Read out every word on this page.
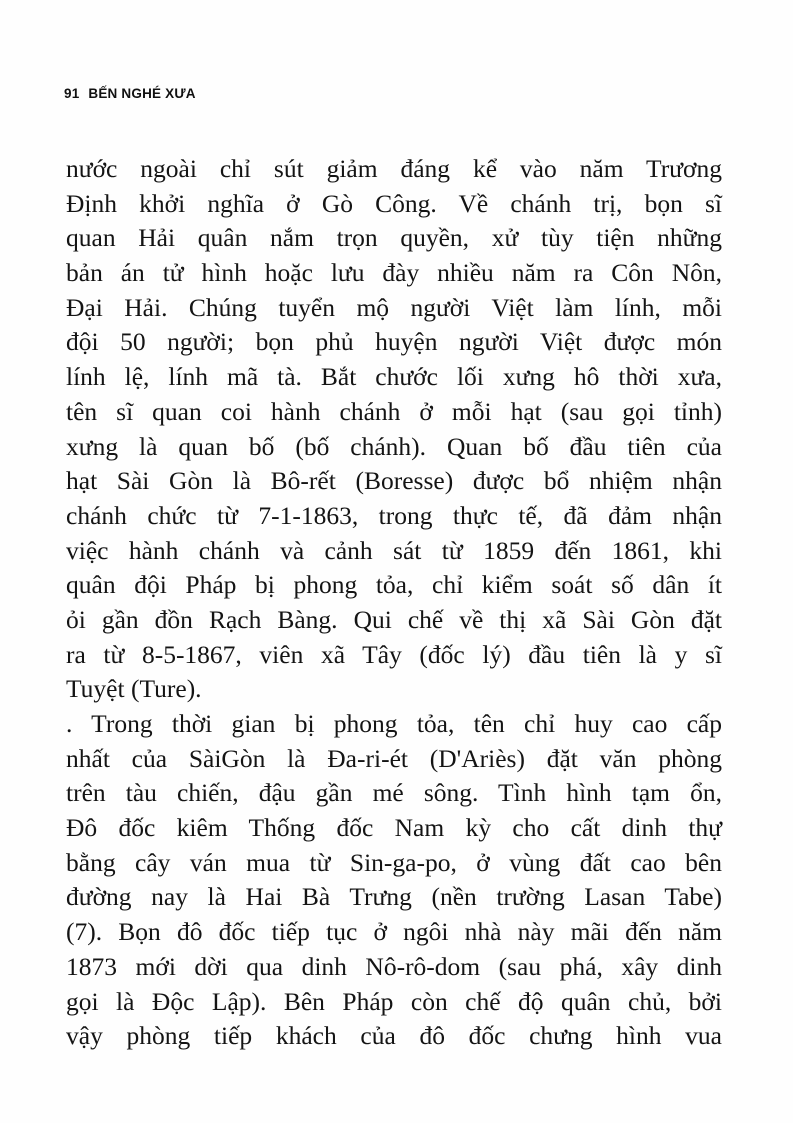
91 BẾN NGHÉ XƯA
nước ngoài chỉ sút giảm đáng kể vào năm Trương
Định khởi nghĩa ở Gò Công. Về chánh trị, bọn sĩ
quan Hải quân nắm trọn quyền, xử tùy tiện những
bản án tử hình hoặc lưu đày nhiều năm ra Côn Nôn,
Đại Hải. Chúng tuyển mộ người Việt làm lính, mỗi
đội 50 người; bọn phủ huyện người Việt được món
lính lệ, lính mã tà. Bắt chước lối xưng hô thời xưa,
tên sĩ quan coi hành chánh ở mỗi hạt (sau gọi tỉnh)
xưng là quan bố (bố chánh). Quan bố đầu tiên của
hạt Sài Gòn là Bô-rết (Boresse) được bổ nhiệm nhận
chánh chức từ 7-1-1863, trong thực tế, đã đảm nhận
việc hành chánh và cảnh sát từ 1859 đến 1861, khi
quân đội Pháp bị phong tỏa, chỉ kiểm soát số dân ít
ỏi gần đồn Rạch Bàng. Qui chế về thị xã Sài Gòn đặt
ra từ 8-5-1867, viên xã Tây (đốc lý) đầu tiên là y sĩ
Tuyệt (Ture).
. Trong thời gian bị phong tỏa, tên chỉ huy cao cấp
nhất của SàiGòn là Đa-ri-ét (D'Ariès) đặt văn phòng
trên tàu chiến, đậu gần mé sông. Tình hình tạm ổn,
Đô đốc kiêm Thống đốc Nam kỳ cho cất dinh thự
bằng cây ván mua từ Sin-ga-po, ở vùng đất cao bên
đường nay là Hai Bà Trưng (nền trường Lasan Tabe)
(7). Bọn đô đốc tiếp tục ở ngôi nhà này mãi đến năm
1873 mới dời qua dinh Nô-rô-dom (sau phá, xây dinh
gọi là Độc Lập). Bên Pháp còn chế độ quân chủ, bởi
vậy phòng tiếp khách của đô đốc chưng hình vua
